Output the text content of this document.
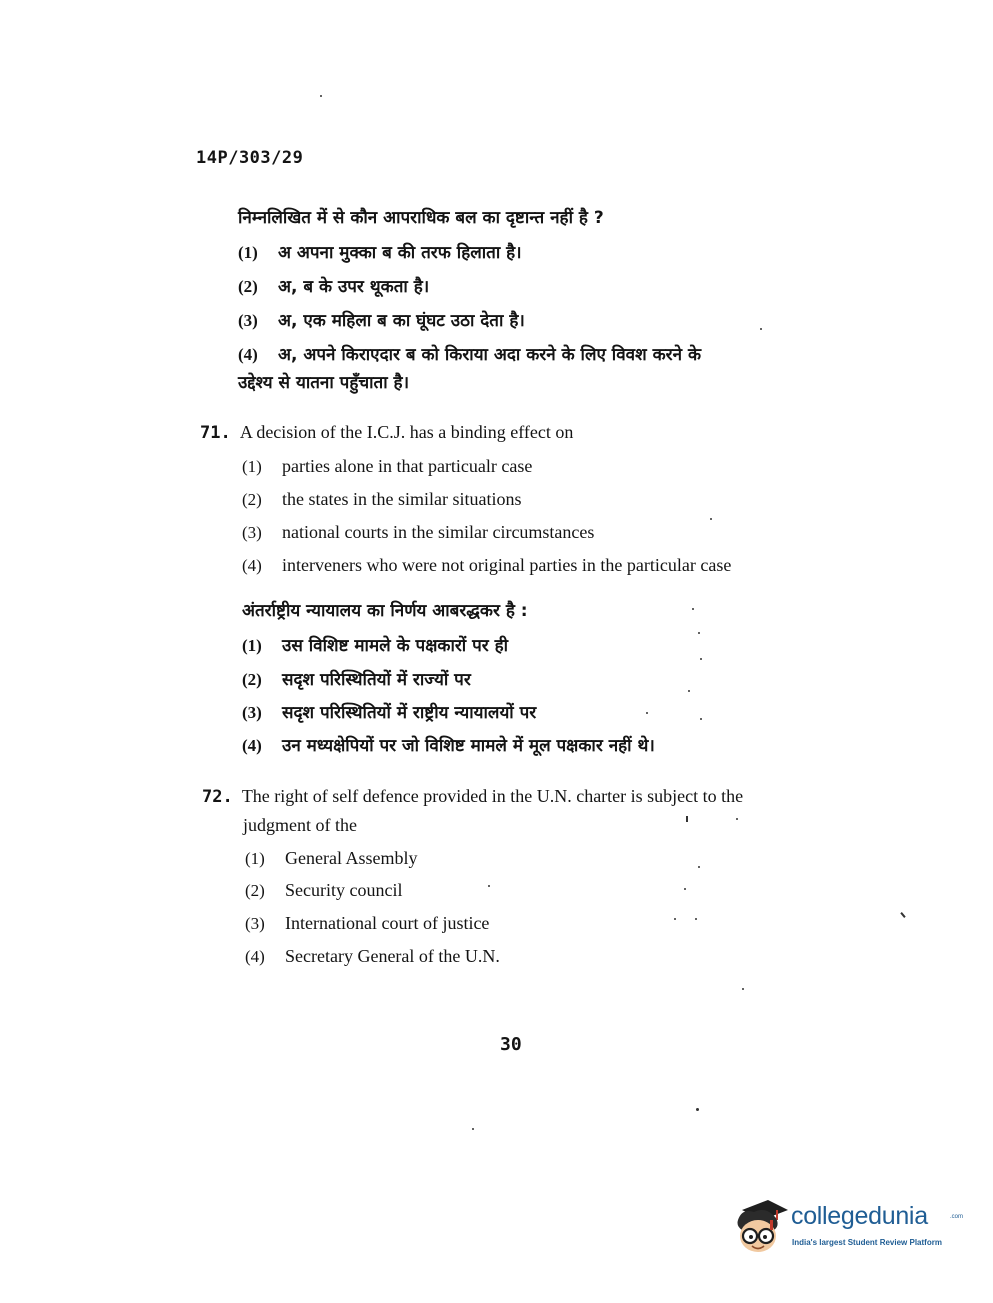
14P/303/29
निम्नलिखित में से कौन आपराधिक बल का दृष्टान्त नहीं है ?
(1) अ अपना मुक्का ब की तरफ हिलाता है।
(2) अ, ब के उपर थूकता है।
(3) अ, एक महिला ब का घूंघट उठा देता है।
(4) अ, अपने किराएदार ब को किराया अदा करने के लिए विवश करने के
उद्देश्य से यातना पहुँचाता है।
71. A decision of the I.C.J. has a binding effect on
(1) parties alone in that particualr case
(2) the states in the similar situations
(3) national courts in the similar circumstances
(4) interveners who were not original parties in the particular case
अंतर्राष्ट्रीय न्यायालय का निर्णय आबरद्धकर है :
(1) उस विशिष्ट मामले के पक्षकारों पर ही
(2) सदृश परिस्थितियों में राज्यों पर
(3) सदृश परिस्थितियों में राष्ट्रीय न्यायालयों पर
(4) उन मध्यक्षेपियों पर जो विशिष्ट मामले में मूल पक्षकार नहीं थे।
72. The right of self defence provided in the U.N. charter is subject to the
judgment of the
(1) General Assembly
(2) Security council
(3) International court of justice
(4) Secretary General of the U.N.
30
collegedunia	.com
India's largest Student Review Platform
